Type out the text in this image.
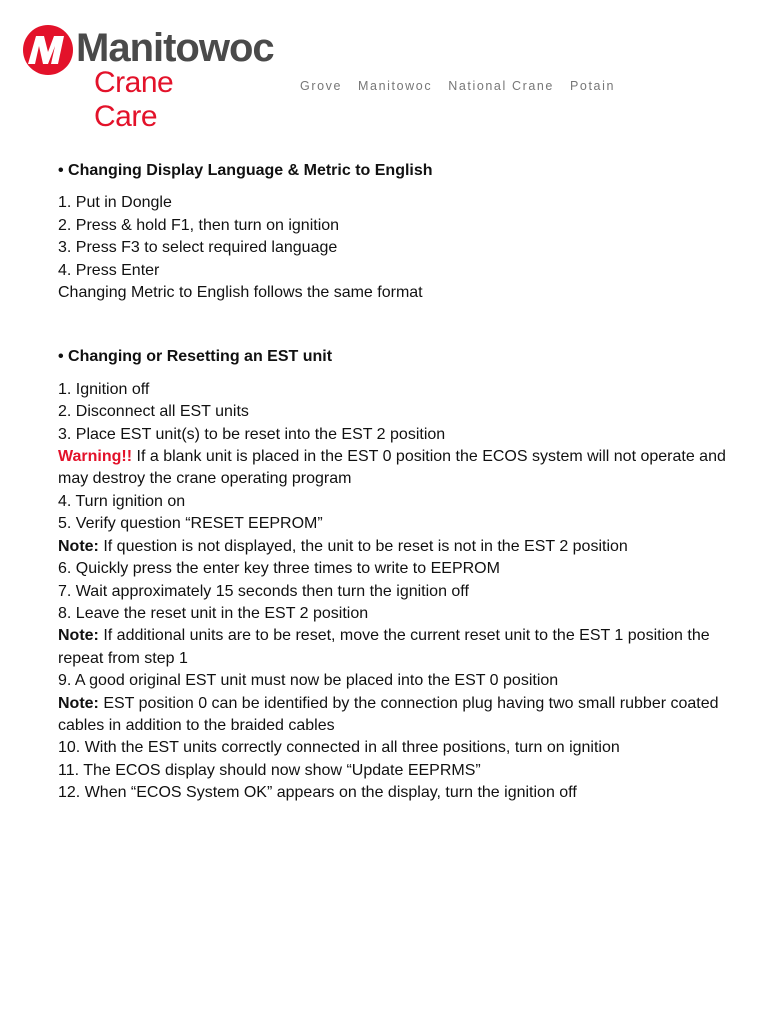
Manitowoc
Crane Care
Grove Manitowoc National Crane Potain

• Changing Display Language & Metric to English

1. Put in Dongle

2. Press & hold F1, then turn on ignition

3. Press F3 to select required language

4. Press Enter

Changing Metric to English follows the same format

• Changing or Resetting an EST unit

1. Ignition off

2. Disconnect all EST units

3. Place EST unit(s) to be reset into the EST 2 position

Warning!! If a blank unit is placed in the EST 0 position the ECOS system will not operate and may destroy the crane operating program

4. Turn ignition on

5. Verify question “RESET EEPROM”

Note: If question is not displayed, the unit to be reset is not in the EST 2 position

6. Quickly press the enter key three times to write to EEPROM

7. Wait approximately 15 seconds then turn the ignition off

8. Leave the reset unit in the EST 2 position

Note: If additional units are to be reset, move the current reset unit to the EST 1 position the repeat from step 1

9. A good original EST unit must now be placed into the EST 0 position

Note: EST position 0 can be identified by the connection plug having two small rubber coated cables in addition to the braided cables

10. With the EST units correctly connected in all three positions, turn on ignition

11. The ECOS display should now show “Update EEPRMS”

12. When “ECOS System OK” appears on the display, turn the ignition off
